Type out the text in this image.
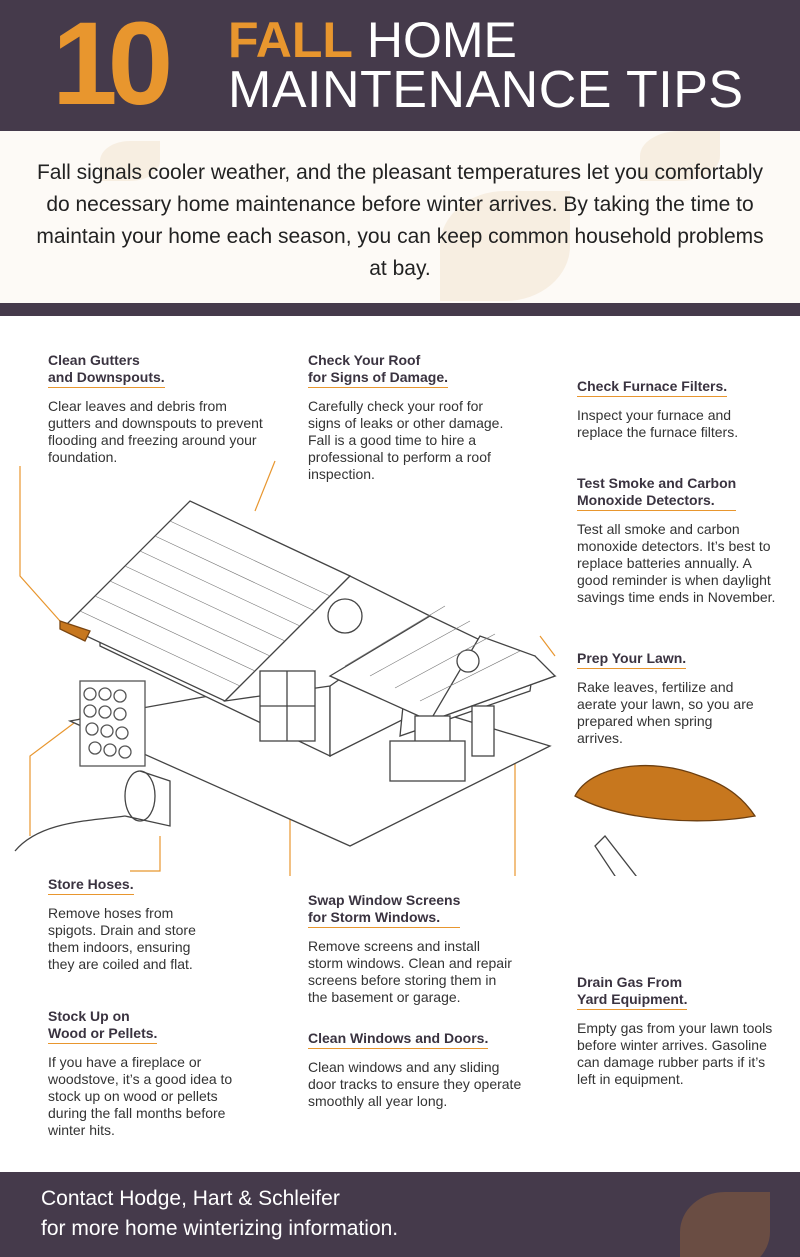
10 FALL HOME
MAINTENANCE TIPS

Fall signals cooler weather, and the pleasant temperatures let you comfortably do necessary home maintenance before winter arrives. By taking the time to maintain your home each season, you can keep common household problems at bay.

Clean Gutters
and Downspouts.

Clear leaves and debris from gutters and downspouts to prevent flooding and freezing around your foundation.

Check Your Roof
for Signs of Damage.

Carefully check your roof for signs of leaks or other damage. Fall is a good time to hire a professional to perform a roof inspection.

Check Furnace Filters.

Inspect your furnace and replace the furnace filters.

Test Smoke and Carbon
Monoxide Detectors.

Test all smoke and carbon monoxide detectors. It’s best to replace batteries annually. A good reminder is when daylight savings time ends in November.

Prep Your Lawn.

Rake leaves, fertilize and aerate your lawn, so you are prepared when spring arrives.

Store Hoses.

Remove hoses from spigots. Drain and store them indoors, ensuring they are coiled and flat.

Stock Up on
Wood or Pellets.

If you have a fireplace or woodstove, it’s a good idea to stock up on wood or pellets during the fall months before winter hits.

Swap Window Screens
for Storm Windows.

Remove screens and install storm windows. Clean and repair screens before storing them in the basement or garage.

Clean Windows and Doors.

Clean windows and any sliding door tracks to ensure they operate smoothly all year long.

Drain Gas From
Yard Equipment.

Empty gas from your lawn tools before winter arrives. Gasoline can damage rubber parts if it’s left in equipment.

Contact Hodge, Hart & Schleifer
for more home winterizing information.
